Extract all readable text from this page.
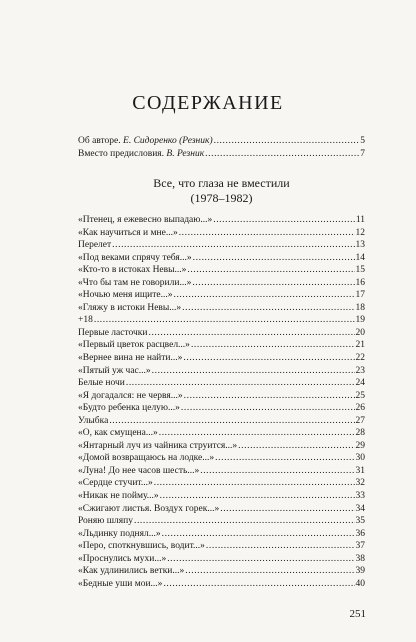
СОДЕРЖАНИЕ
Об авторе. Е. Сидоренко (Резник) .....	5
Вместо предисловия. В. Резник .....	7
Все, что глаза не вместили
(1978–1982)
«Птенец, я ежевесно выпадаю...» .....	11
«Как научиться и мне...» .....	12
Перелет .....	13
«Под веками спрячу тебя...» .....	14
«Кто-то в истоках Невы...» .....	15
«Что бы там не говорили...» .....	16
«Ночью меня ищите...» .....	17
«Гляжу в истоки Невы...» .....	18
+18 .....	19
Первые ласточки .....	20
«Первый цветок расцвел...» .....	21
«Вернее вина не найти...» .....	22
«Пятый уж час...» .....	23
Белые ночи .....	24
«Я догадался: не червя...» .....	25
«Будто ребенка целую...» .....	26
Улыбка .....	27
«О, как смущена...» .....	28
«Янтарный луч из чайника струится...» .....	29
«Домой возвращаюсь на лодке...» .....	30
«Луна! До нее часов шесть...» .....	31
«Сердце стучит...» .....	32
«Никак не пойму...» .....	33
«Сжигают листья. Воздух горек...» .....	34
Роняю шляпу .....	35
«Льдинку поднял...» .....	36
«Перо, споткнувшись, водит...» .....	37
«Проснулись мухи...» .....	38
«Как удлинились ветки...» .....	39
«Бедные уши мои...» .....	40
251
